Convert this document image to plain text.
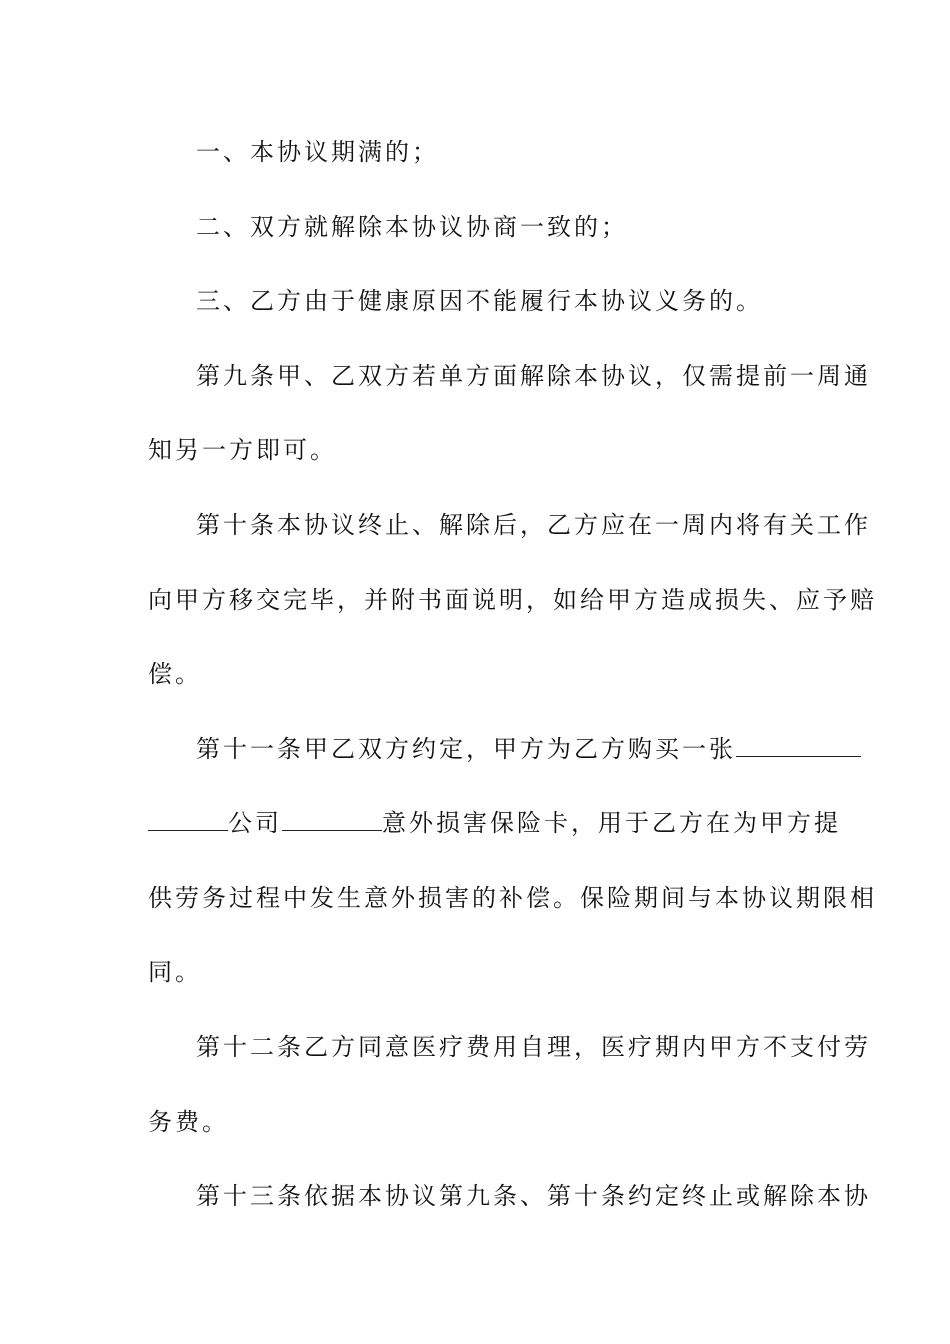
一、本协议期满的；
二、双方就解除本协议协商一致的；
三、乙方由于健康原因不能履行本协议义务的。
第九条甲、乙双方若单方面解除本协议，仅需提前一周通
知另一方即可。
第十条本协议终止、解除后，乙方应在一周内将有关工作
向甲方移交完毕，并附书面说明，如给甲方造成损失、应予赔
偿。
第十一条甲乙双方约定，甲方为乙方购买一张
公司	意外损害保险卡，用于乙方在为甲方提
供劳务过程中发生意外损害的补偿。保险期间与本协议期限相
同。
第十二条乙方同意医疗费用自理，医疗期内甲方不支付劳
务费。
第十三条依据本协议第九条、第十条约定终止或解除本协
